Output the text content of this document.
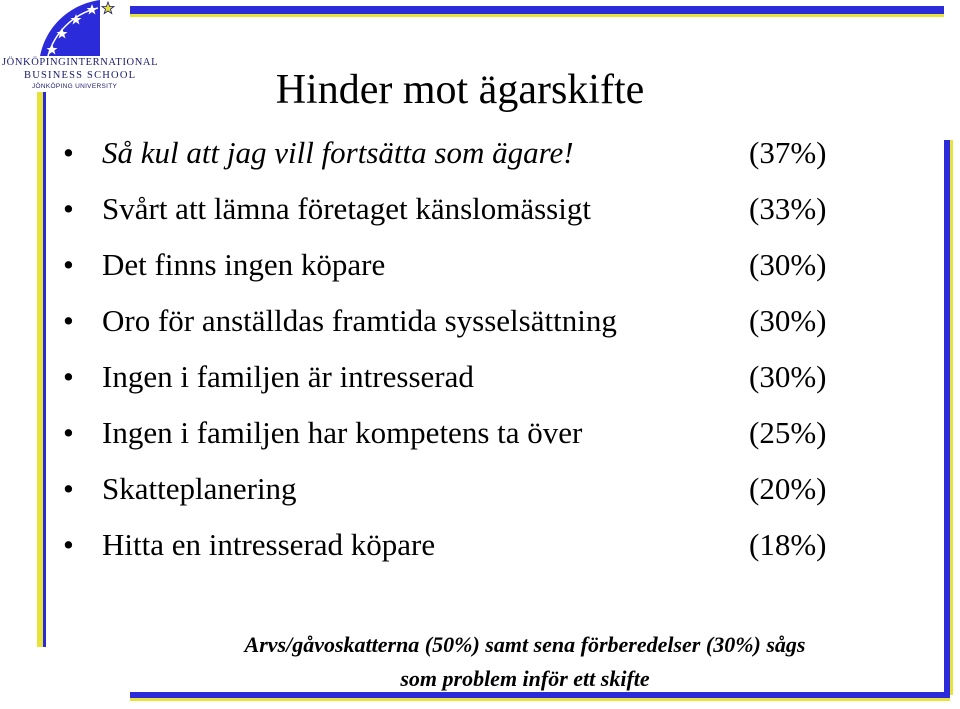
JÖNKÖPINGINTERNATIONAL
BUSINESS SCHOOL
JÖNKÖPING UNIVERSITY	Hinder mot ägarskifte
• Så kul att jag vill fortsätta som ägare!	(37%)
• Svårt att lämna företaget känslomässigt	(33%)
• Det finns ingen köpare	(30%)
• Oro för anställdas framtida sysselsättning	(30%)
• Ingen i familjen är intresserad	(30%)
• Ingen i familjen har kompetens ta över	(25%)
• Skatteplanering	(20%)
• Hitta en intresserad köpare	(18%)
Arvs/gåvoskatterna (50%) samt sena förberedelser (30%) sågs
som problem inför ett skifte
